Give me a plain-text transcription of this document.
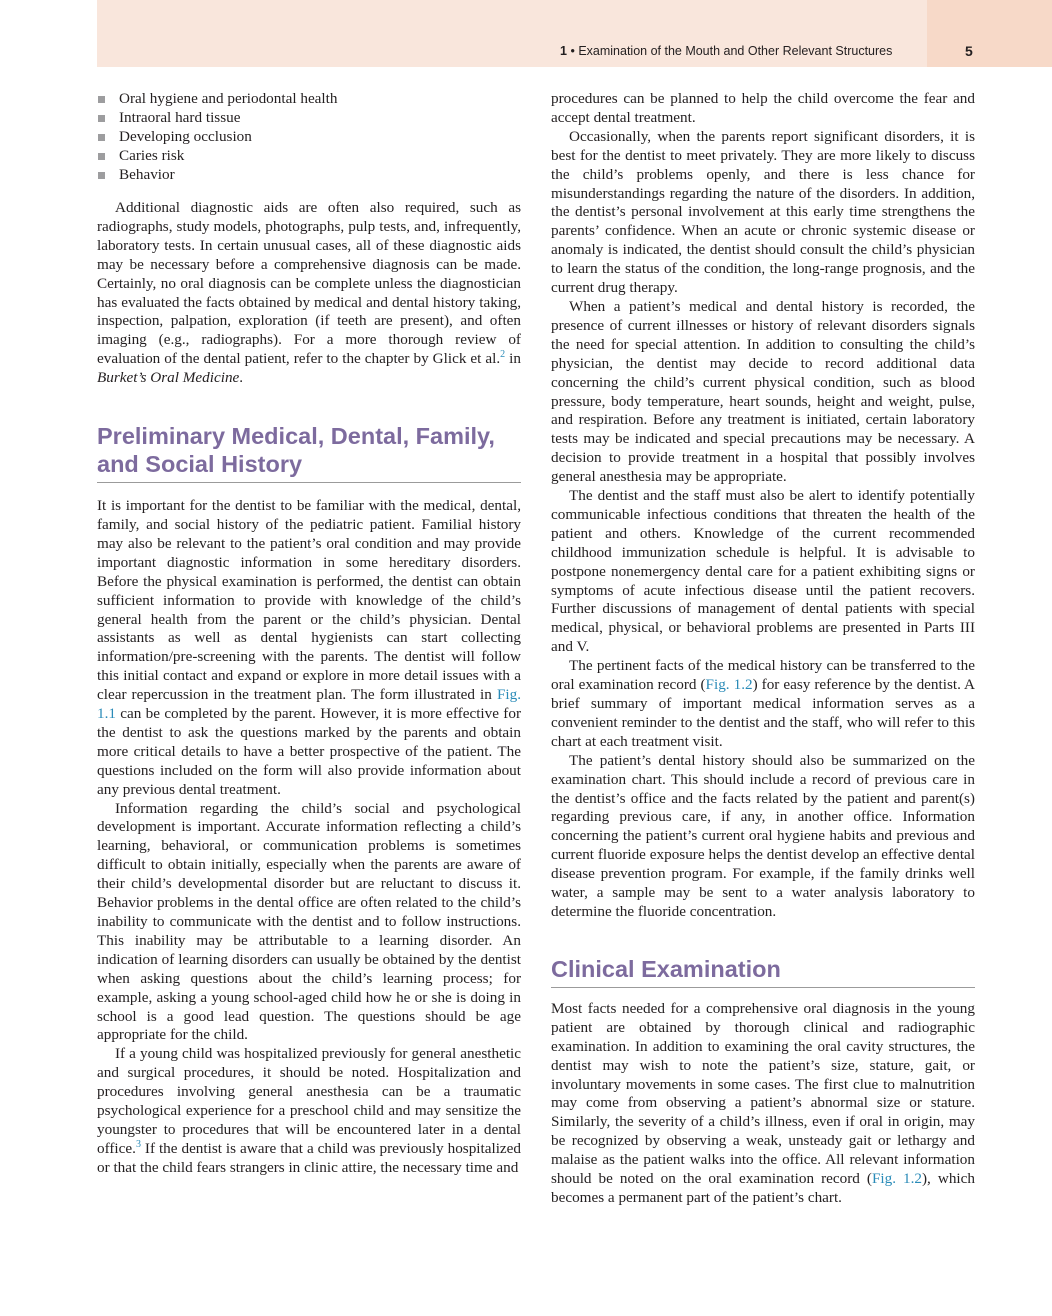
1 • Examination of the Mouth and Other Relevant Structures	5
Oral hygiene and periodontal health
Intraoral hard tissue
Developing occlusion
Caries risk
Behavior

Additional diagnostic aids are often also required, such as radiographs, study models, photographs, pulp tests, and, infrequently, laboratory tests. In certain unusual cases, all of these diagnostic aids may be necessary before a comprehensive diagnosis can be made. Certainly, no oral diagnosis can be complete unless the diagnostician has evaluated the facts obtained by medical and dental history taking, inspection, palpation, exploration (if teeth are present), and often imaging (e.g., radiographs). For a more thorough review of evaluation of the dental patient, refer to the chapter by Glick et al.$^2$ in Burket’s Oral Medicine.

Preliminary Medical, Dental, Family, and Social History

It is important for the dentist to be familiar with the medical, dental, family, and social history of the pediatric patient. Familial history may also be relevant to the patient’s oral condition and may provide important diagnostic information in some hereditary disorders. Before the physical examination is performed, the dentist can obtain sufficient information to provide with knowledge of the child’s general health from the parent or the child’s physician. Dental assistants as well as dental hygienists can start collecting information/pre-screening with the parents. The dentist will follow this initial contact and expand or explore in more detail issues with a clear repercussion in the treatment plan. The form illustrated in Fig. 1.1 can be completed by the parent. However, it is more effective for the dentist to ask the questions marked by the parents and obtain more critical details to have a better prospective of the patient. The questions included on the form will also provide information about any previous dental treatment.

Information regarding the child’s social and psychological development is important. Accurate information reflecting a child’s learning, behavioral, or communication problems is sometimes difficult to obtain initially, especially when the parents are aware of their child’s developmental disorder but are reluctant to discuss it. Behavior problems in the dental office are often related to the child’s inability to communicate with the dentist and to follow instructions. This inability may be attributable to a learning disorder. An indication of learning disorders can usually be obtained by the dentist when asking questions about the child’s learning process; for example, asking a young school-aged child how he or she is doing in school is a good lead question. The questions should be age appropriate for the child.

If a young child was hospitalized previously for general anesthetic and surgical procedures, it should be noted. Hospitalization and procedures involving general anesthesia can be a traumatic psychological experience for a preschool child and may sensitize the youngster to procedures that will be encountered later in a dental office.$^3$ If the dentist is aware that a child was previously hospitalized or that the child fears strangers in clinic attire, the necessary time and

procedures can be planned to help the child overcome the fear and accept dental treatment.

Occasionally, when the parents report significant disorders, it is best for the dentist to meet privately. They are more likely to discuss the child’s problems openly, and there is less chance for misunderstandings regarding the nature of the disorders. In addition, the dentist’s personal involvement at this early time strengthens the parents’ confidence. When an acute or chronic systemic disease or anomaly is indicated, the dentist should consult the child’s physician to learn the status of the condition, the long-range prognosis, and the current drug therapy.

When a patient’s medical and dental history is recorded, the presence of current illnesses or history of relevant disorders signals the need for special attention. In addition to consulting the child’s physician, the dentist may decide to record additional data concerning the child’s current physical condition, such as blood pressure, body temperature, heart sounds, height and weight, pulse, and respiration. Before any treatment is initiated, certain laboratory tests may be indicated and special precautions may be necessary. A decision to provide treatment in a hospital that possibly involves general anesthesia may be appropriate.

The dentist and the staff must also be alert to identify potentially communicable infectious conditions that threaten the health of the patient and others. Knowledge of the current recommended childhood immunization schedule is helpful. It is advisable to postpone nonemergency dental care for a patient exhibiting signs or symptoms of acute infectious disease until the patient recovers. Further discussions of management of dental patients with special medical, physical, or behavioral problems are presented in Parts III and V.

The pertinent facts of the medical history can be transferred to the oral examination record (Fig. 1.2) for easy reference by the dentist. A brief summary of important medical information serves as a convenient reminder to the dentist and the staff, who will refer to this chart at each treatment visit.

The patient’s dental history should also be summarized on the examination chart. This should include a record of previous care in the dentist’s office and the facts related by the patient and parent(s) regarding previous care, if any, in another office. Information concerning the patient’s current oral hygiene habits and previous and current fluoride exposure helps the dentist develop an effective dental disease prevention program. For example, if the family drinks well water, a sample may be sent to a water analysis laboratory to determine the fluoride concentration.

Clinical Examination

Most facts needed for a comprehensive oral diagnosis in the young patient are obtained by thorough clinical and radiographic examination. In addition to examining the oral cavity structures, the dentist may wish to note the patient’s size, stature, gait, or involuntary movements in some cases. The first clue to malnutrition may come from observing a patient’s abnormal size or stature. Similarly, the severity of a child’s illness, even if oral in origin, may be recognized by observing a weak, unsteady gait or lethargy and malaise as the patient walks into the office. All relevant information should be noted on the oral examination record (Fig. 1.2), which becomes a permanent part of the patient’s chart.
